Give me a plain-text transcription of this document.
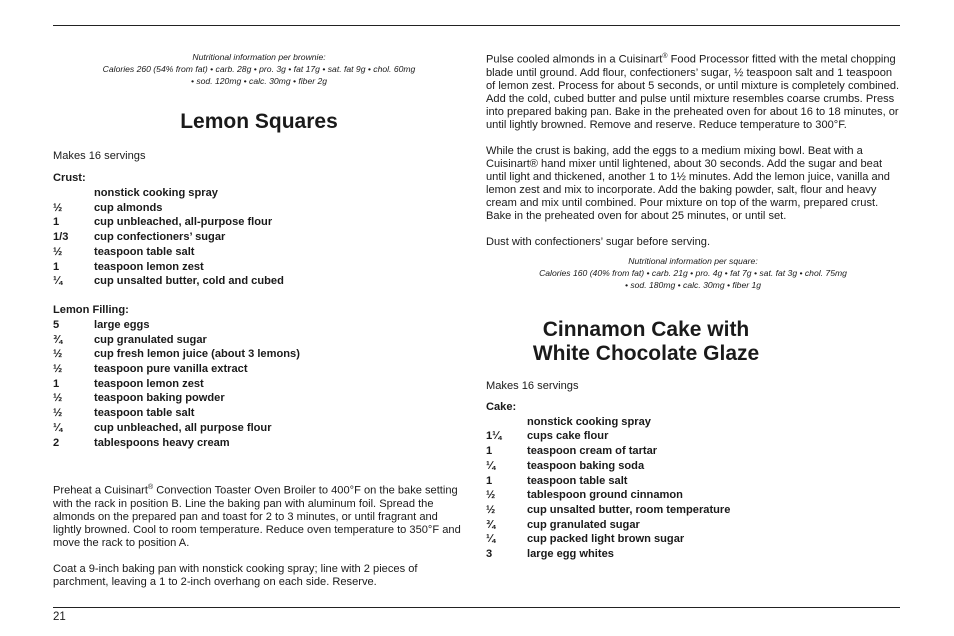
Nutritional information per brownie:
Calories 260 (54% from fat) • carb. 28g • pro. 3g • fat 17g • sat. fat 9g • chol. 60mg
• sod. 120mg • calc. 30mg • fiber 2g
Lemon Squares

Makes 16 servings

Crust:

nonstick cooking spray
½	cup almonds
1	cup unbleached, all-purpose flour
1/3	cup confectioners’ sugar
½	teaspoon table salt
1	teaspoon lemon zest
¼	cup unsalted butter, cold and cubed

Lemon Filling:

5	large eggs
¾	cup granulated sugar
½	cup fresh lemon juice (about 3 lemons)
½	teaspoon pure vanilla extract
1	teaspoon lemon zest
½	teaspoon baking powder
½	teaspoon table salt
¼	cup unbleached, all purpose flour
2	tablespoons heavy cream

Preheat a Cuisinart® Convection Toaster Oven Broiler to 400°F on the bake setting with the rack in position B. Line the baking pan with aluminum foil. Spread the almonds on the prepared pan and toast for 2 to 3 minutes, or until fragrant and lightly browned. Cool to room temperature. Reduce oven temperature to 350°F and move the rack to position A.

Coat a 9-inch baking pan with nonstick cooking spray; line with 2 pieces of parchment, leaving a 1 to 2-inch overhang on each side. Reserve.

Pulse cooled almonds in a Cuisinart® Food Processor fitted with the metal chopping blade until ground. Add flour, confectioners’ sugar, ½ teaspoon salt and 1 teaspoon of lemon zest. Process for about 5 seconds, or until mixture is completely combined. Add the cold, cubed butter and pulse until mixture resembles coarse crumbs. Press into prepared baking pan. Bake in the preheated oven for about 16 to 18 minutes, or until lightly browned. Remove and reserve. Reduce temperature to 300°F.

While the crust is baking, add the eggs to a medium mixing bowl. Beat with a Cuisinart® hand mixer until lightened, about 30 seconds. Add the sugar and beat until light and thickened, another 1 to 1½ minutes. Add the lemon juice, vanilla and lemon zest and mix to incorporate. Add the baking powder, salt, flour and heavy cream and mix until combined. Pour mixture on top of the warm, prepared crust. Bake in the preheated oven for about 25 minutes, or until set.

Dust with confectioners’ sugar before serving.

Nutritional information per square:
Calories 160 (40% from fat) • carb. 21g • pro. 4g • fat 7g • sat. fat 3g • chol. 75mg
• sod. 180mg • calc. 30mg • fiber 1g
Cinnamon Cake with
White Chocolate Glaze

Makes 16 servings

Cake:

nonstick cooking spray
1¼	cups cake flour
1	teaspoon cream of tartar
¼	teaspoon baking soda
1	teaspoon table salt
½	tablespoon ground cinnamon
½	cup unsalted butter, room temperature
¾	cup granulated sugar
¼	cup packed light brown sugar
3	large egg whites
21
